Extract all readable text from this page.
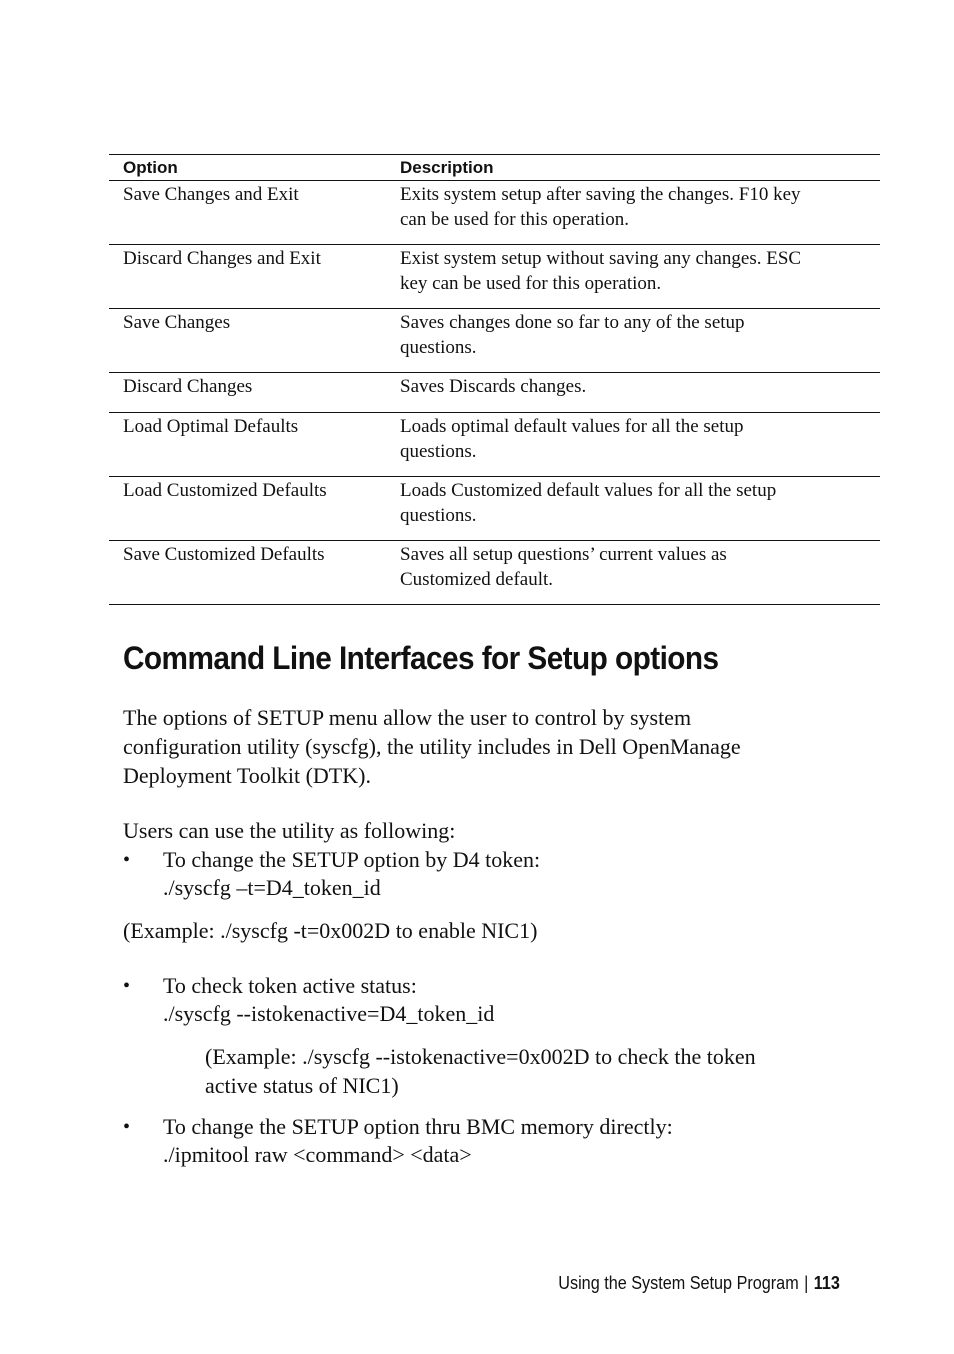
Option	Description
Save Changes and Exit	Exits system setup after saving the changes. F10 key
can be used for this operation.
Discard Changes and Exit	Exist system setup without saving any changes. ESC
key can be used for this operation.
Save Changes	Saves changes done so far to any of the setup
questions.
Discard Changes	Saves Discards changes.
Load Optimal Defaults	Loads optimal default values for all the setup
questions.
Load Customized Defaults	Loads Customized default values for all the setup
questions.
Save Customized Defaults	Saves all setup questions’ current values as
Customized default.
Command Line Interfaces for Setup options

The options of SETUP menu allow the user to control by system
configuration utility (syscfg), the utility includes in Dell OpenManage
Deployment Toolkit (DTK).

Users can use the utility as following:

• To change the SETUP option by D4 token:
./syscfg –t=D4_token_id

(Example: ./syscfg -t=0x002D to enable NIC1)

• To check token active status:
./syscfg --istokenactive=D4_token_id

(Example: ./syscfg --istokenactive=0x002D to check the token
active status of NIC1)

• To change the SETUP option thru BMC memory directly:
./ipmitool raw <command> <data>
Using the System Setup Program | 113
